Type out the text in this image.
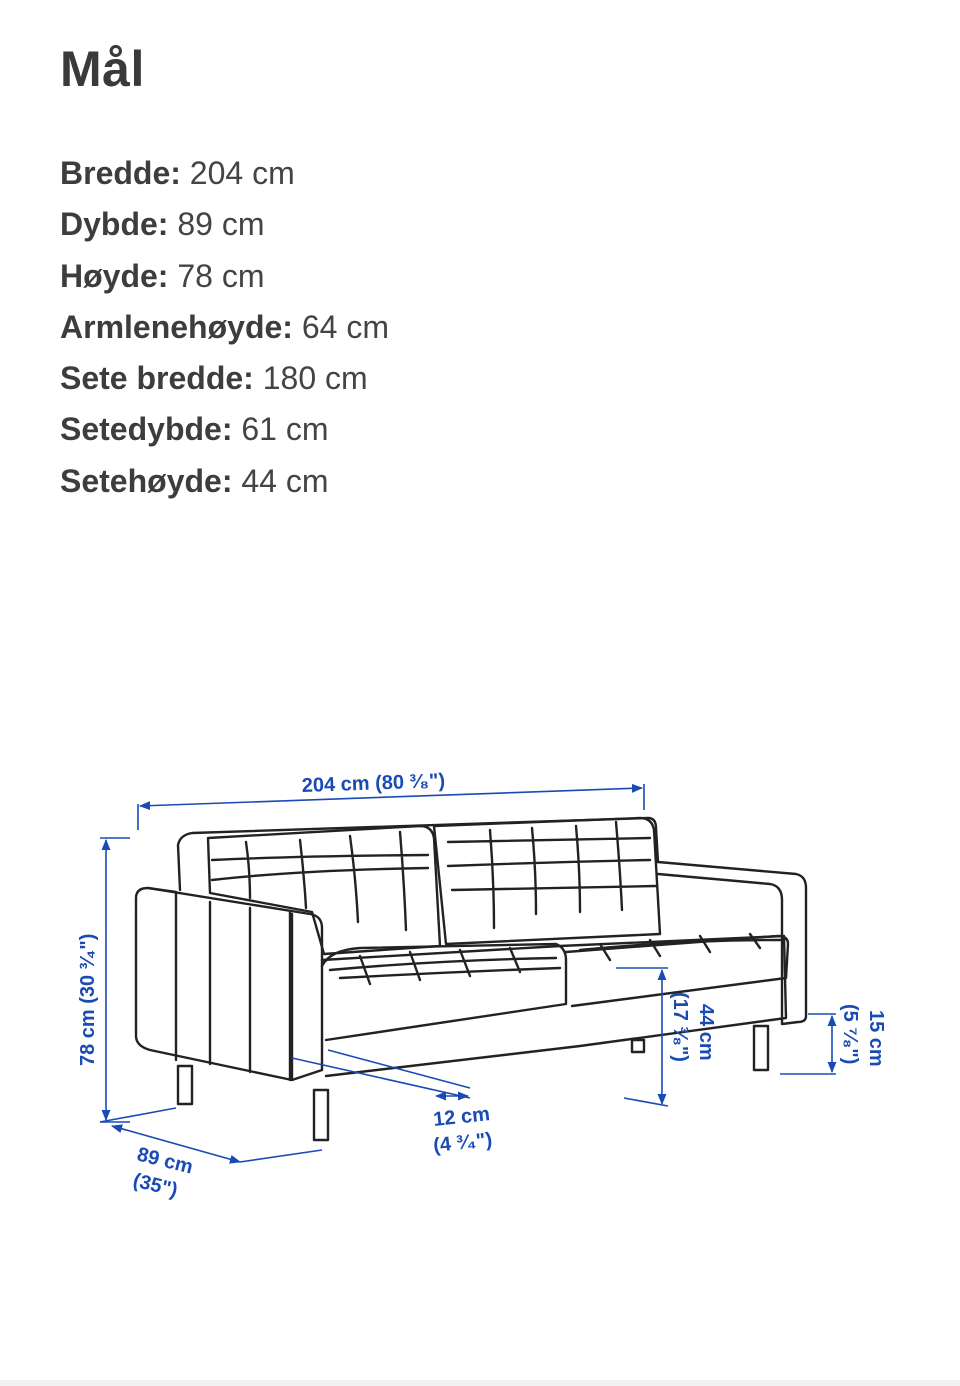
Mål
Bredde: 204 cm
Dybde: 89 cm
Høyde: 78 cm
Armlenehøyde: 64 cm
Sete bredde: 180 cm
Setedybde: 61 cm
Setehøyde: 44 cm
204 cm (80 ³⁄₈")
78 cm (30 ³⁄₄")
89 cm
(35")
12 cm
(4 ³⁄₄")
44 cm
(17 ³⁄₈")	15 cm
(5 ⁷⁄₈")
